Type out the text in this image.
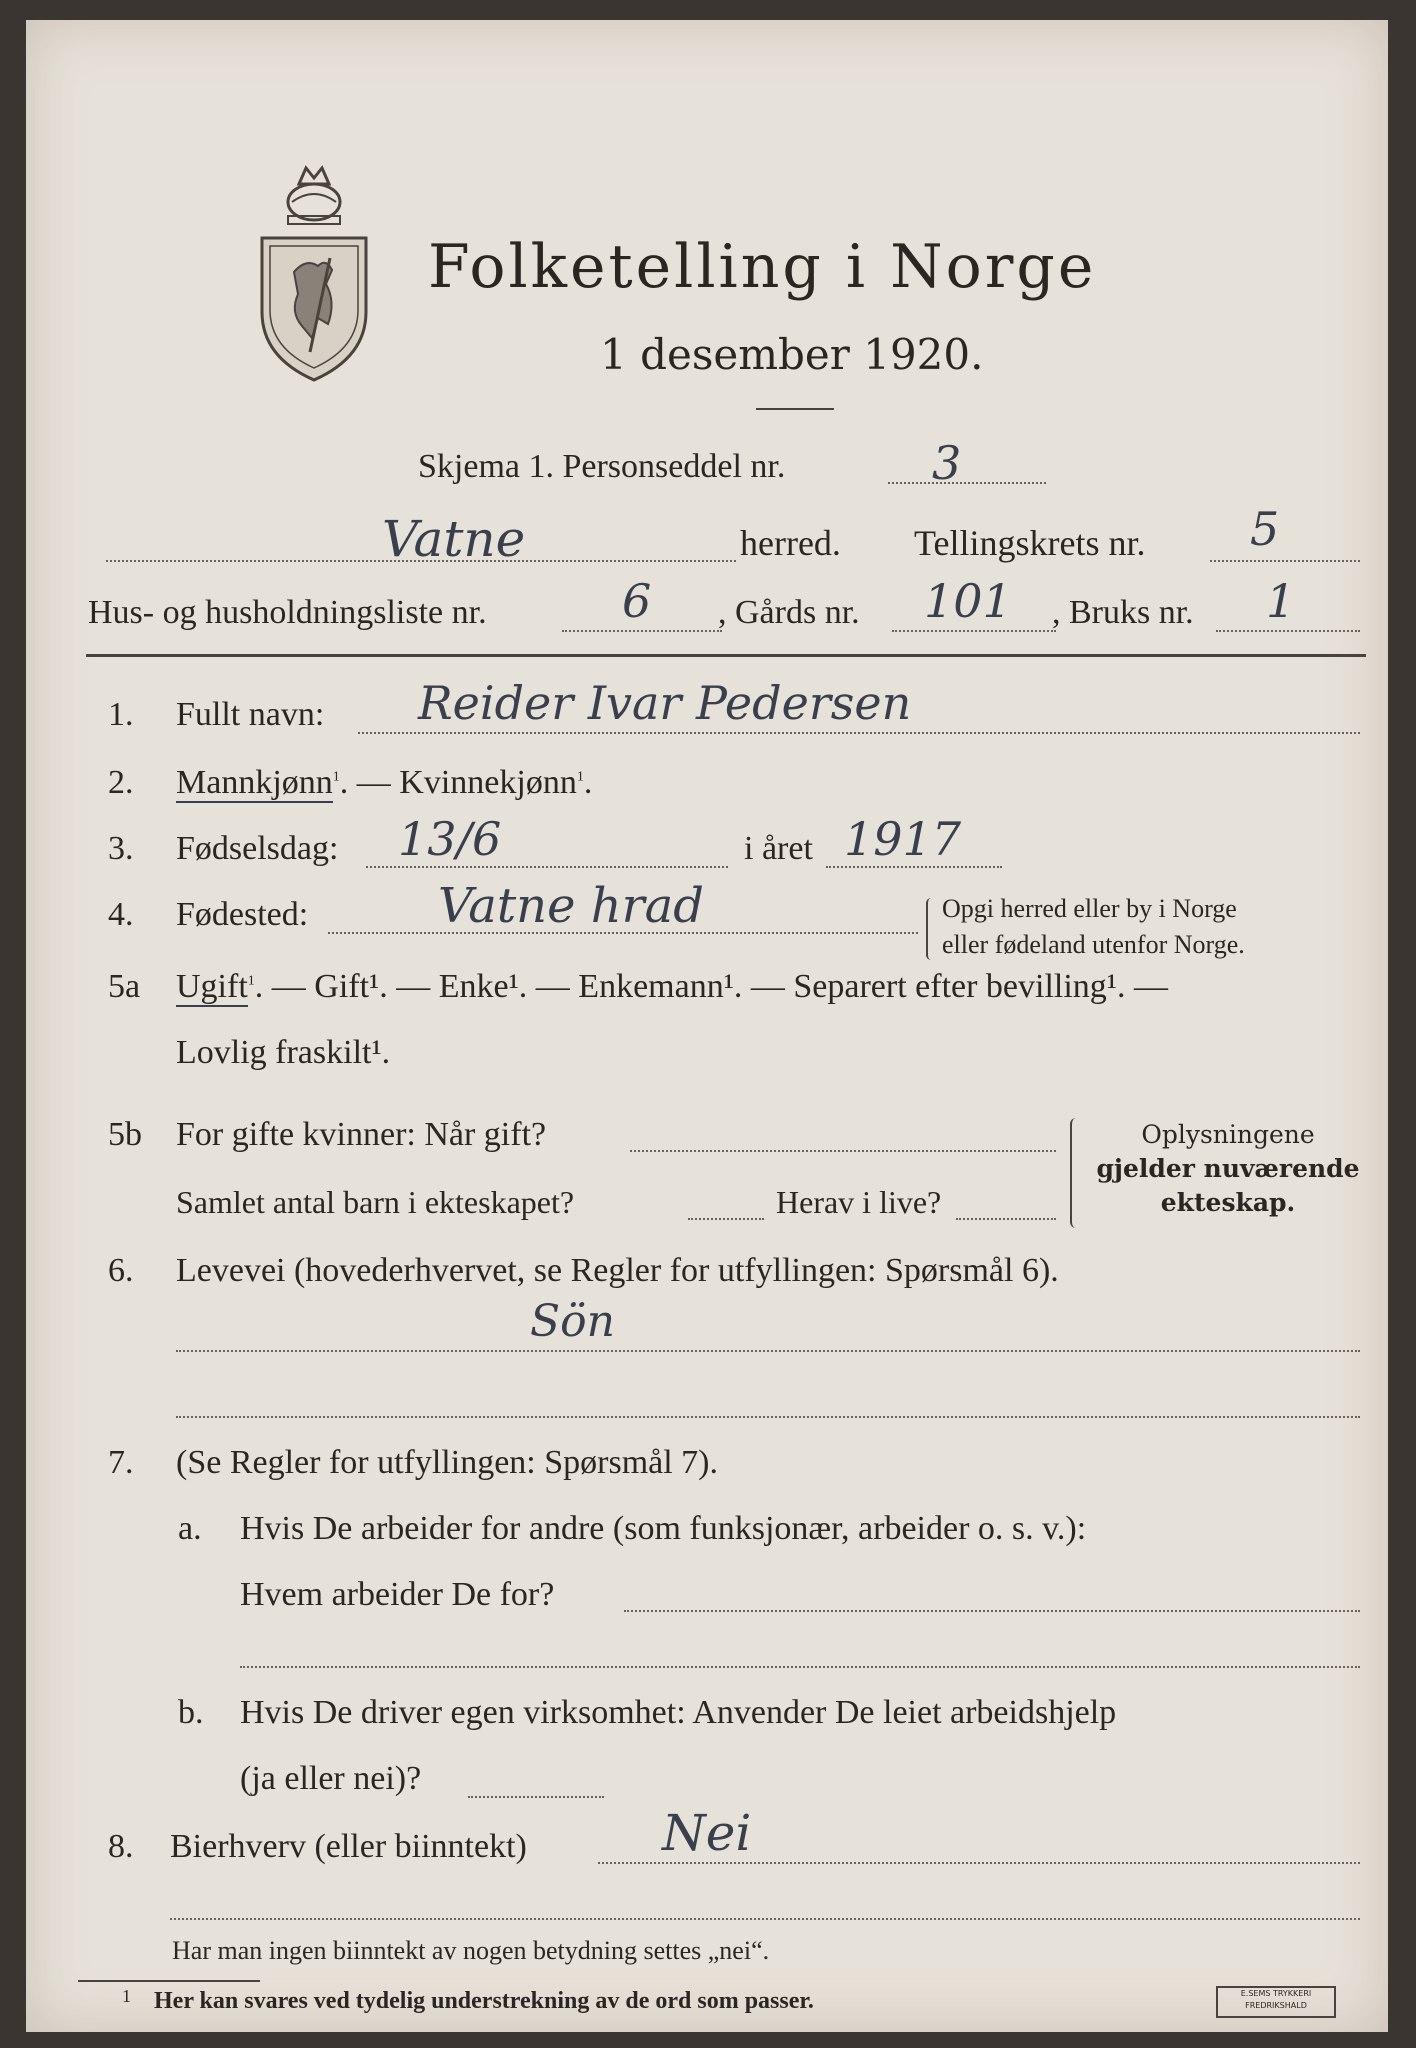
Folketelling i Norge
1 desember 1920.
Skjema 1. Personseddel nr.	3
Vatne	herred. Tellingskrets nr. 5
Hus- og husholdningsliste nr.	6 , Gårds nr. 101 , Bruks nr. 1
1. Fullt navn: Reider Ivar Pedersen
2. Mannkjønn$^1$. — Kvinnekjønn$^1$.
3. Fødselsdag: 13/6	i året 1917
4. Fødested:	Vatne hrad	Opgi herred eller by i Norge
eller fødeland utenfor Norge.
5a Ugift$^1$. — Gift¹. — Enke¹. — Enkemann¹. — Separert efter bevilling¹. —
Lovlig fraskilt¹.
5b For gifte kvinner: Når gift?
Samlet antal barn i ekteskapet?	Herav i live?
Oplysningene
gjelder nuværende
ekteskap.
6. Levevei (hovederhvervet, se Regler for utfyllingen: Spørsmål 6).
Sön
7. (Se Regler for utfyllingen: Spørsmål 7).
a. Hvis De arbeider for andre (som funksjonær, arbeider o. s. v.):
Hvem arbeider De for?
b. Hvis De driver egen virksomhet: Anvender De leiet arbeidshjelp
(ja eller nei)?
8. Bierhverv (eller biinntekt)	Nei
Har man ingen biinntekt av nogen betydning settes „nei“.
1 Her kan svares ved tydelig understrekning av de ord som passer.	E.SEMS TRYKKERI
FREDRIKSHALD
